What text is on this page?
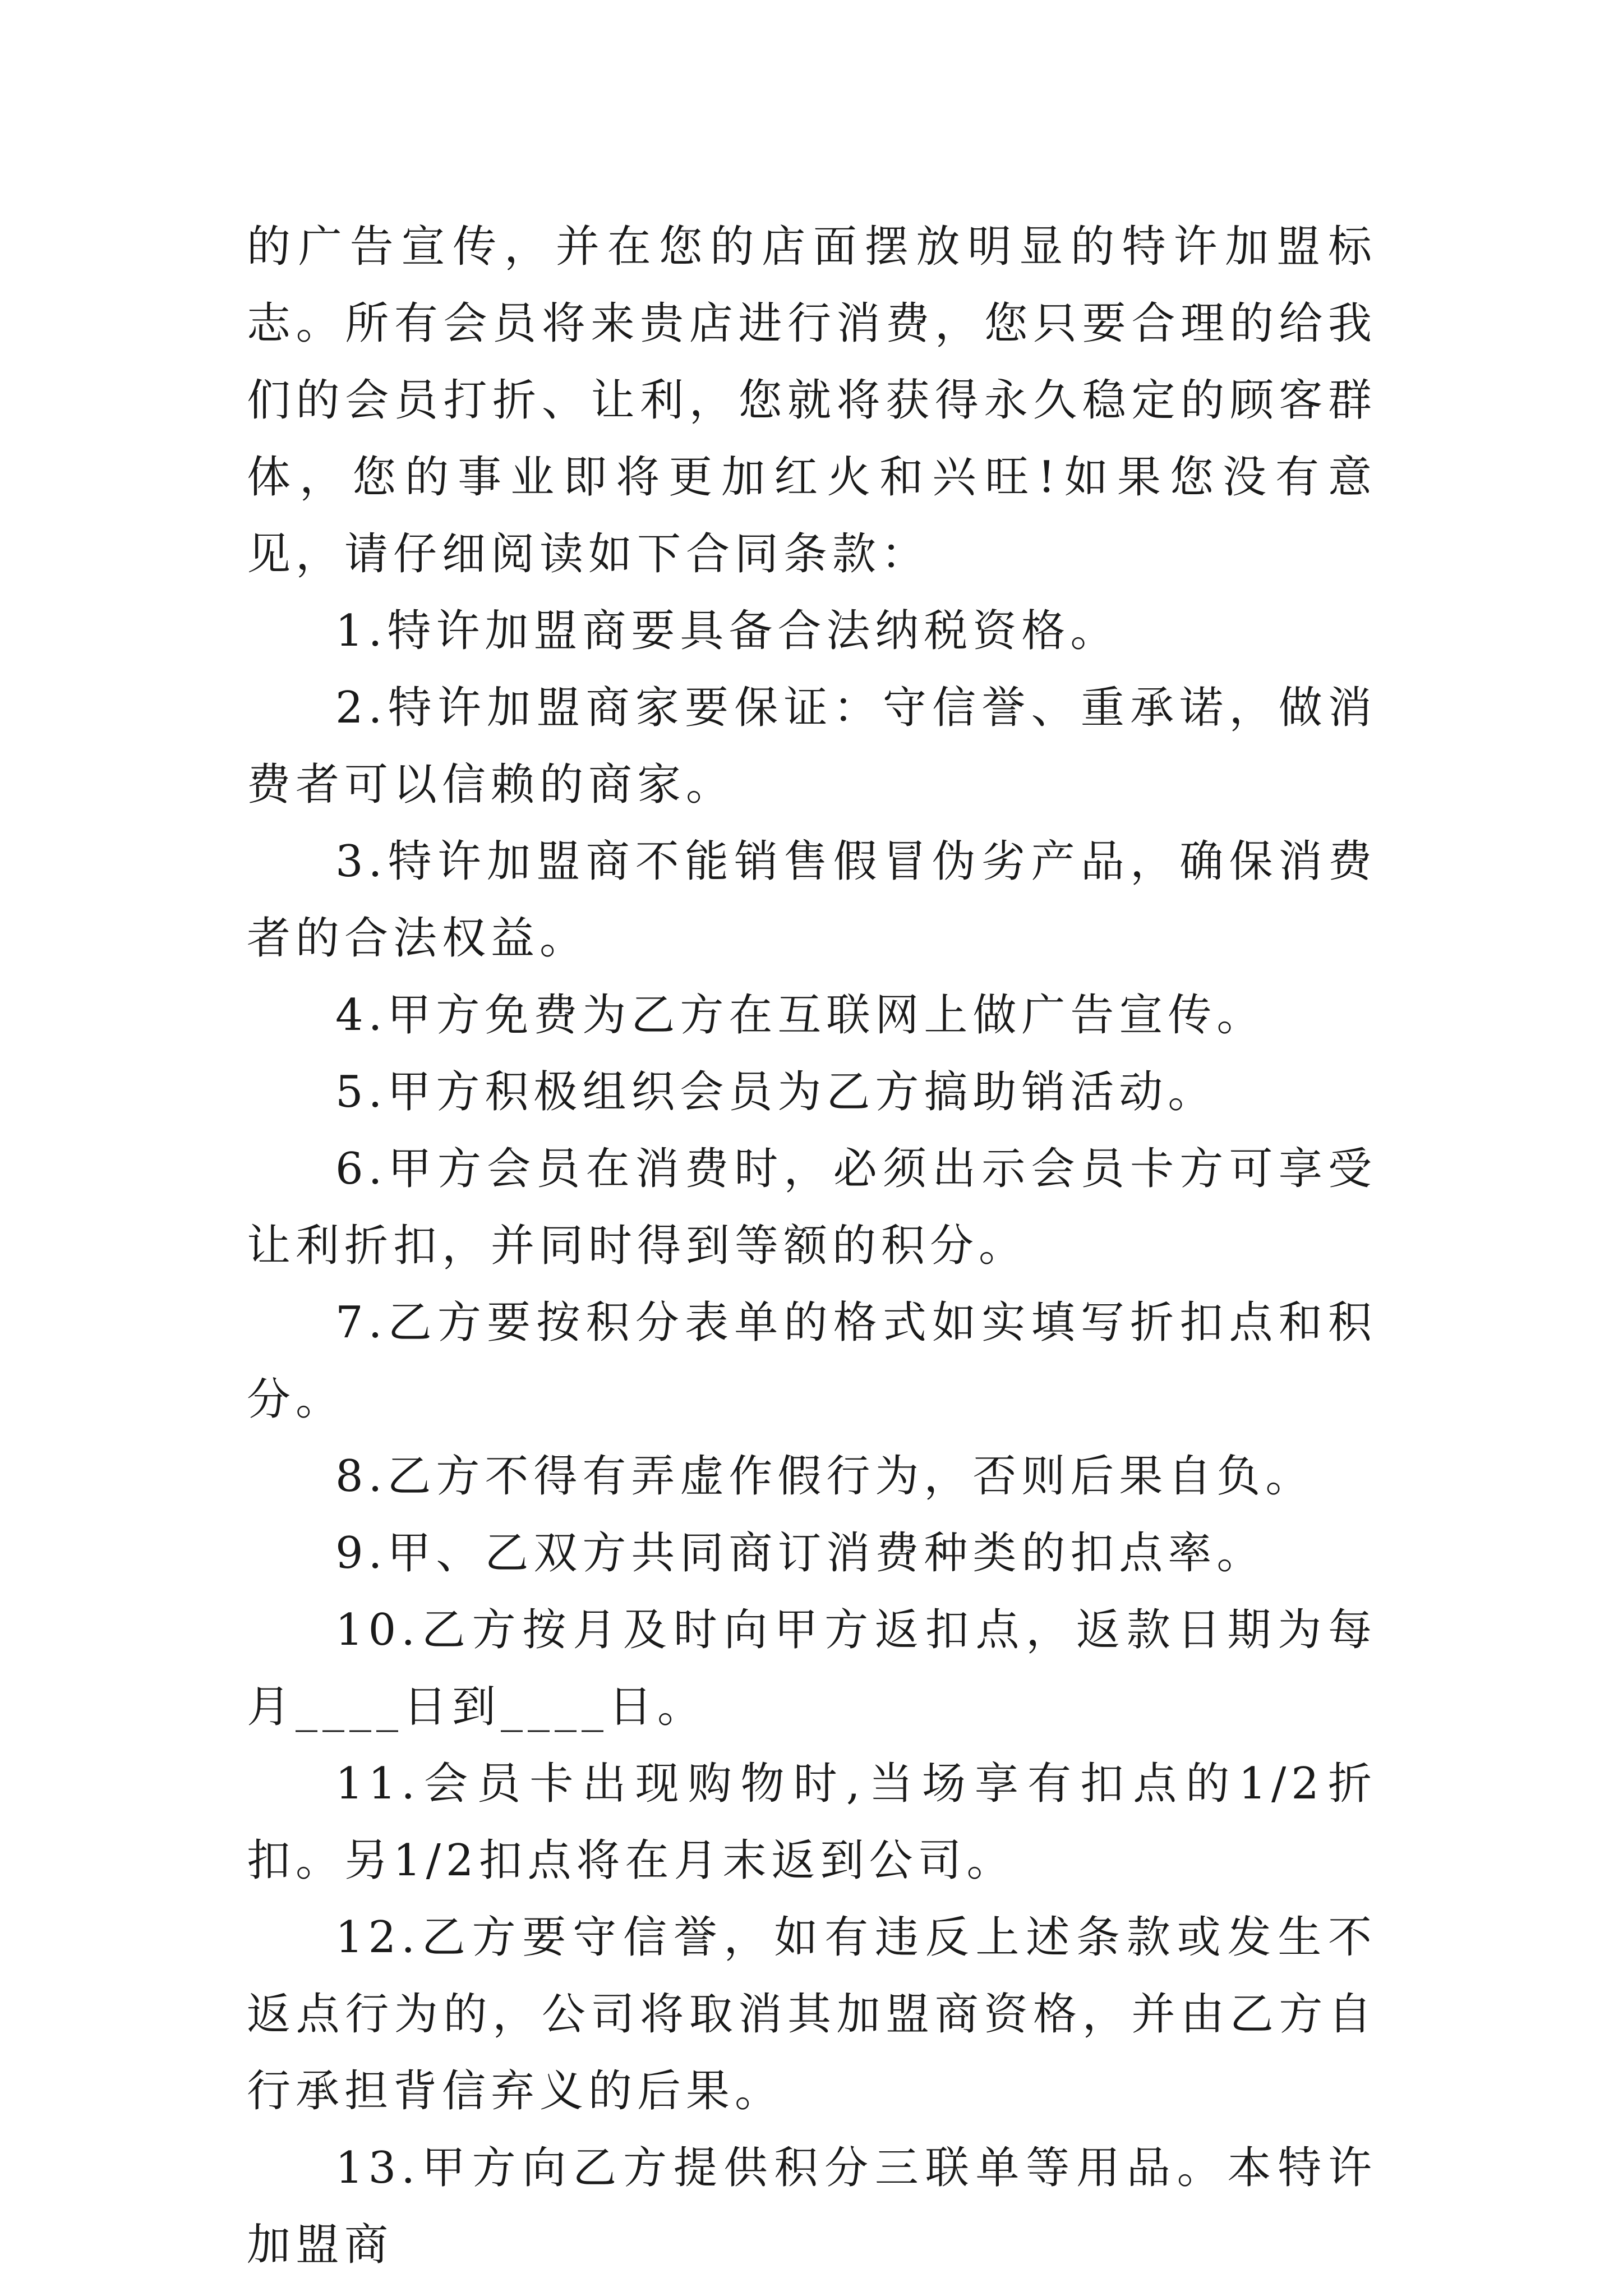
的广告宣传，并在您的店面摆放明显的特许加盟标志。所有会员将来贵店进行消费，您只要合理的给我们的会员打折、让利，您就将获得永久稳定的顾客群体，您的事业即将更加红火和兴旺!如果您没有意见，请仔细阅读如下合同条款：

1.特许加盟商要具备合法纳税资格。

2.特许加盟商家要保证：守信誉、重承诺，做消费者可以信赖的商家。

3.特许加盟商不能销售假冒伪劣产品，确保消费者的合法权益。

4.甲方免费为乙方在互联网上做广告宣传。

5.甲方积极组织会员为乙方搞助销活动。

6.甲方会员在消费时，必须出示会员卡方可享受让利折扣，并同时得到等额的积分。

7.乙方要按积分表单的格式如实填写折扣点和积分。

8.乙方不得有弄虚作假行为，否则后果自负。

9.甲、乙双方共同商订消费种类的扣点率。

10.乙方按月及时向甲方返扣点，返款日期为每月____日到____日。

11.会员卡出现购物时,当场享有扣点的1/2折扣。另1/2扣点将在月末返到公司。

12.乙方要守信誉，如有违反上述条款或发生不返点行为的，公司将取消其加盟商资格，并由乙方自行承担背信弃义的后果。

13.甲方向乙方提供积分三联单等用品。本特许加盟商
